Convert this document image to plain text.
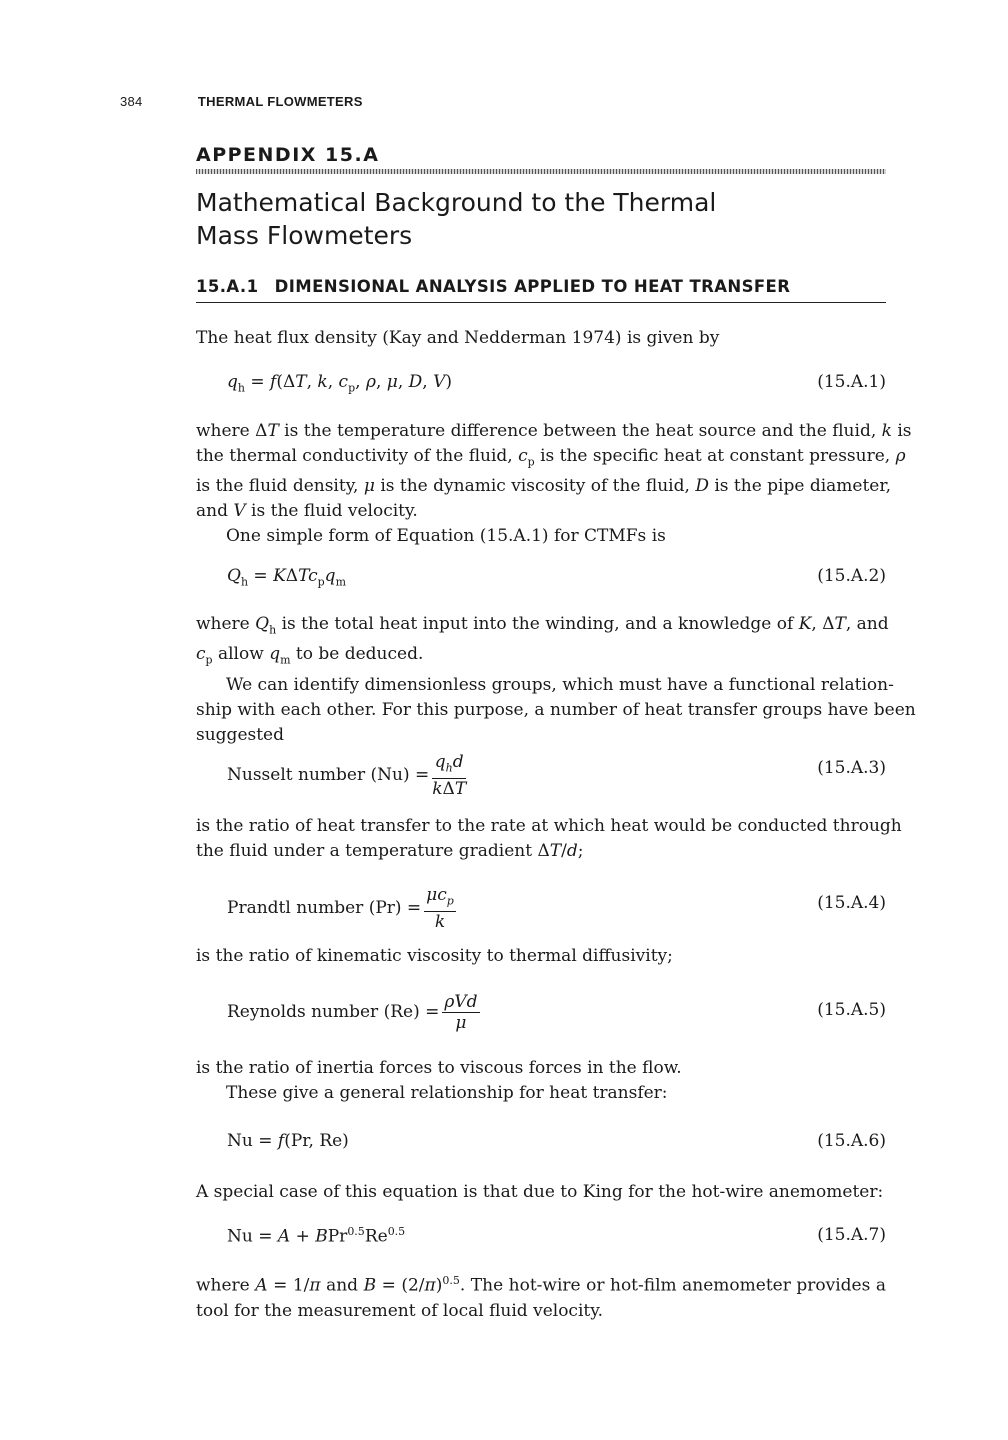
384	THERMAL FLOWMETERS
APPENDIX 15.A
Mathematical Background to the Thermal
Mass Flowmeters
15.A.1 DIMENSIONAL ANALYSIS APPLIED TO HEAT TRANSFER
The heat flux density (Kay and Nedderman 1974) is given by
$q_h = f(\Delta T$, k, $c_p$, ρ, μ, D, V)	(15.A.1)
where ΔT is the temperature difference between the heat source and the fluid, k is
the thermal conductivity of the fluid, $c_p$ is the specific heat at constant pressure, ρ
is the fluid density, μ is the dynamic viscosity of the fluid, D is the pipe diameter,
and V is the fluid velocity.
One simple form of Equation (15.A.1) for CTMFs is
$Q_h = K\Delta Tc_pq_m$	(15.A.2)
where $Q_h$ is the total heat input into the winding, and a knowledge of K, ΔT, and
$c_p$ allow $q_m$ to be deduced.
We can identify dimensionless groups, which must have a functional relation-
ship with each other. For this purpose, a number of heat transfer groups have been
suggested
Nusselt number $(Nu) = \frac{q_hd}{\text{kΔT}}$	(15.A.3)
is the ratio of heat transfer to the rate at which heat would be conducted through
the fluid under a temperature gradient ΔT/d;
Prandtl number $(Pr) = \frac{\mu c_p}{k}$	(15.A.4)
is the ratio of kinematic viscosity to thermal diffusivity;
Reynolds number $(Re) = \frac{\text{ρVd}}{\mu}$	(15.A.5)
is the ratio of inertia forces to viscous forces in the flow.
These give a general relationship for heat transfer:
Nu = f(Pr, Re)	(15.A.6)
A special case of this equation is that due to King for the hot-wire anemometer:
$Nu = A + BPr^{0.5}Re^{0.5}$	(15.A.7)
where A = 1/π and $B = (2/\pi)^{0.5}$. The hot-wire or hot-film anemometer provides a
tool for the measurement of local fluid velocity.
